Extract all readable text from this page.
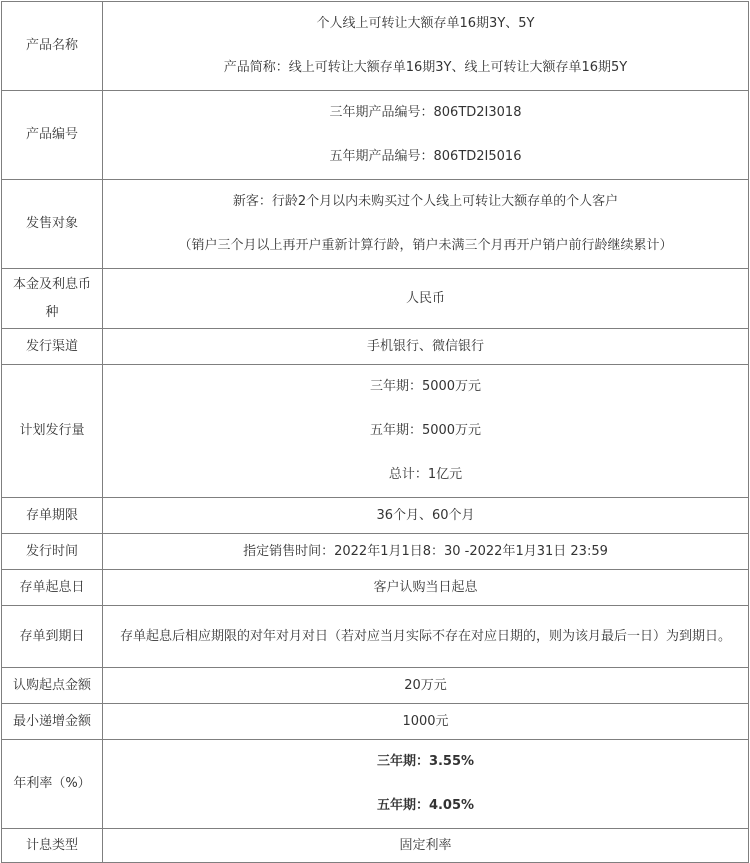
产品名称	个人线上可转让大额存单16期3Y、5Y

产品简称：线上可转让大额存单16期3Y、线上可转让大额存单16期5Y

产品编号	三年期产品编号：806TD2I3018

五年期产品编号：806TD2I5016

发售对象	新客：行龄2个月以内未购买过个人线上可转让大额存单的个人客户

（销户三个月以上再开户重新计算行龄，销户未满三个月再开户销户前行龄继续累计）

本金及利息币种	人民币
发行渠道	手机银行、微信银行
计划发行量	三年期：5000万元

五年期：5000万元

总计：1亿元

存单期限	36个月、60个月
发行时间	指定销售时间：2022年1月1日8：30 -2022年1月31日 23:59
存单起息日	客户认购当日起息
存单到期日	存单起息后相应期限的对年对月对日（若对应当月实际不存在对应日期的，则为该月最后一日）为到期日。
认购起点金额	20万元
最小递增金额	1000元
年利率（%）	三年期：3.55%

五年期：4.05%

计息类型	固定利率
